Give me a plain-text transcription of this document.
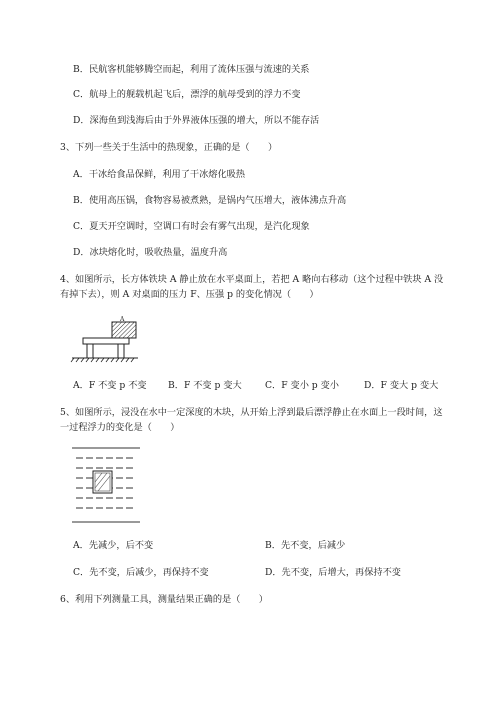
B．民航客机能够腾空而起，利用了流体压强与流速的关系
C．航母上的舰载机起飞后，漂浮的航母受到的浮力不变
D．深海鱼到浅海后由于外界液体压强的增大，所以不能存活
3、下列一些关于生活中的热现象，正确的是（　　）
A．干冰给食品保鲜，利用了干冰熔化吸热
B．使用高压锅，食物容易被煮熟，是锅内气压增大，液体沸点升高
C．夏天开空调时，空调口有时会有雾气出现，是汽化现象
D．冰块熔化时，吸收热量，温度升高
4、如图所示，长方体铁块 A 静止放在水平桌面上，若把 A 略向右移动（这个过程中铁块 A 没有掉下去），则 A 对桌面的压力 F、压强 p 的变化情况（　　）
A
A．F 不变 p 不变 B．F 不变 p 变大	C．F 变小 p 变小	D．F 变大 p 变大
5、如图所示，浸没在水中一定深度的木块，从开始上浮到最后漂浮静止在水面上一段时间，这一过程浮力的变化是（　　）
A．先减少，后不变	B．先不变，后减少
C．先不变，后减少，再保持不变	D．先不变，后增大，再保持不变
6、利用下列测量工具，测量结果正确的是（　　）
